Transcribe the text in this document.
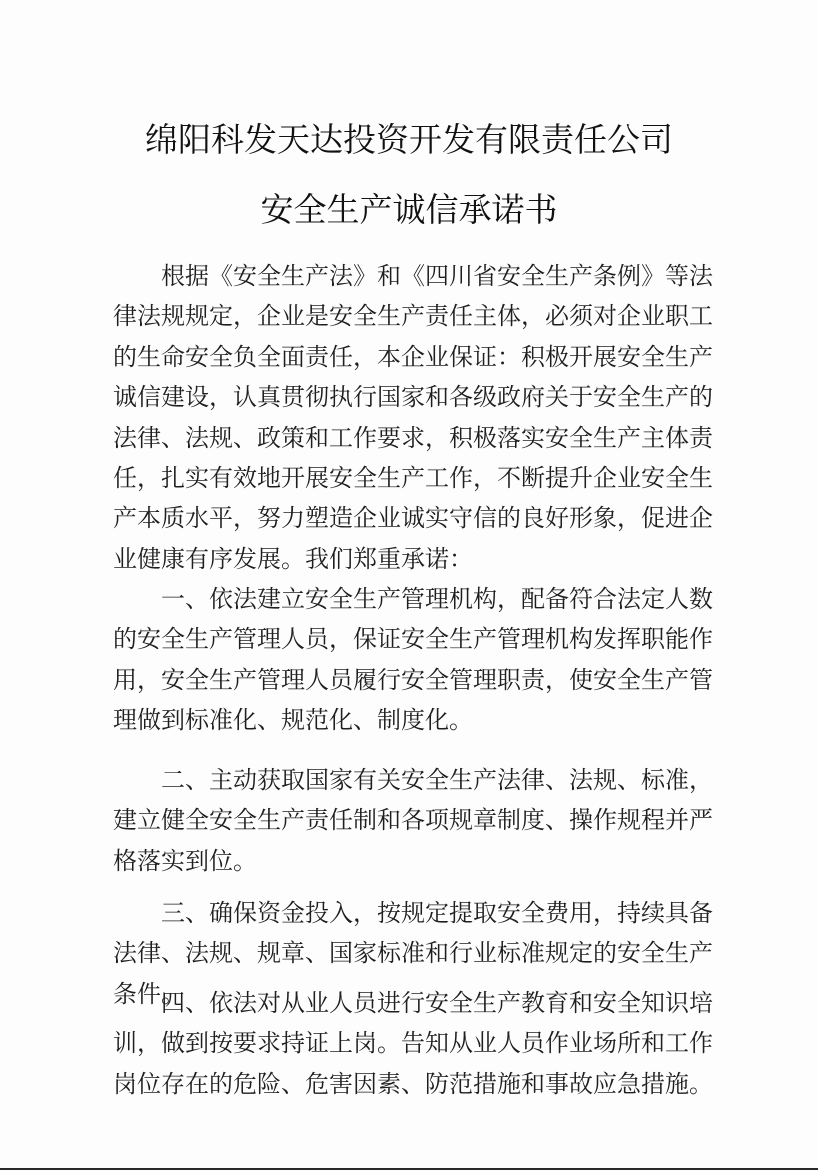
绵阳科发天达投资开发有限责任公司
安全生产诚信承诺书

根据《安全生产法》和《四川省安全生产条例》等法律法规规定，企业是安全生产责任主体，必须对企业职工的生命安全负全面责任，本企业保证：积极开展安全生产诚信建设，认真贯彻执行国家和各级政府关于安全生产的法律、法规、政策和工作要求，积极落实安全生产主体责任，扎实有效地开展安全生产工作，不断提升企业安全生产本质水平，努力塑造企业诚实守信的良好形象，促进企业健康有序发展。我们郑重承诺：

一、依法建立安全生产管理机构，配备符合法定人数的安全生产管理人员，保证安全生产管理机构发挥职能作用，安全生产管理人员履行安全管理职责，使安全生产管理做到标准化、规范化、制度化。

二、主动获取国家有关安全生产法律、法规、标准，建立健全安全生产责任制和各项规章制度、操作规程并严格落实到位。

三、确保资金投入，按规定提取安全费用，持续具备法律、法规、规章、国家标准和行业标准规定的安全生产条件。

四、依法对从业人员进行安全生产教育和安全知识培训，做到按要求持证上岗。告知从业人员作业场所和工作岗位存在的危险、危害因素、防范措施和事故应急措施。
